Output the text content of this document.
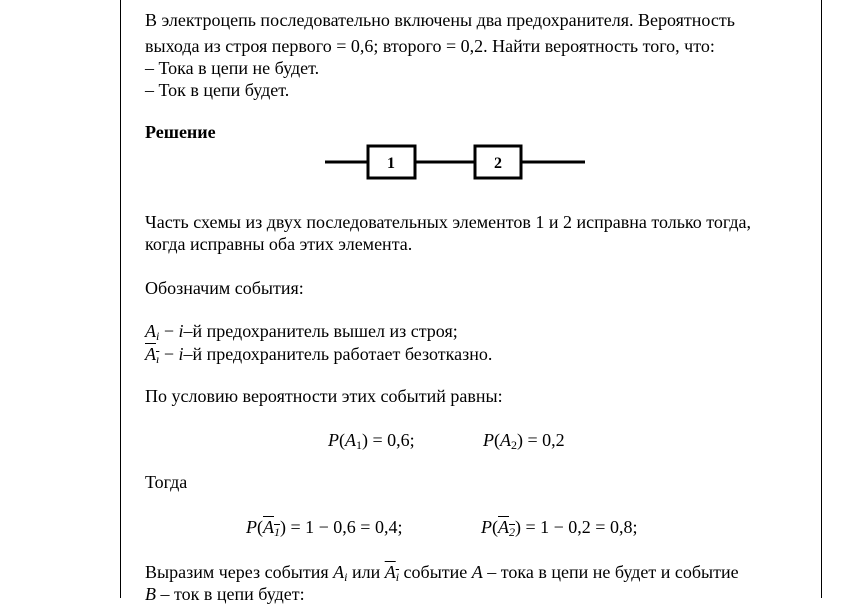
В электроцепь последовательно включены два предохранителя. Вероятность
выхода из строя первого = 0,6; второго = 0,2. Найти вероятность того, что:
– Тока в цепи не будет.
– Ток в цепи будет.
Решение
1	2
Часть схемы из двух последовательных элементов 1 и 2 исправна только тогда,
когда исправны оба этих элемента.
Обозначим события:
$A_i - i-й$ предохранитель вышел из строя;
$A_ı - i-й$ предохранитель работает безотказно.
По условию вероятности этих событий равны:
$P(A_1) = 0,6$;	$P(A_2) = 0,2$
Тогда
$P(A_1) = 1 - 0,6 = 0,4$;	$P(A_2) = 1 - 0,2 = 0,8$;
Выразим через события $A_i$ или $A_i$ событие A – тока в цепи не будет и событие
B – ток в цепи будет:
